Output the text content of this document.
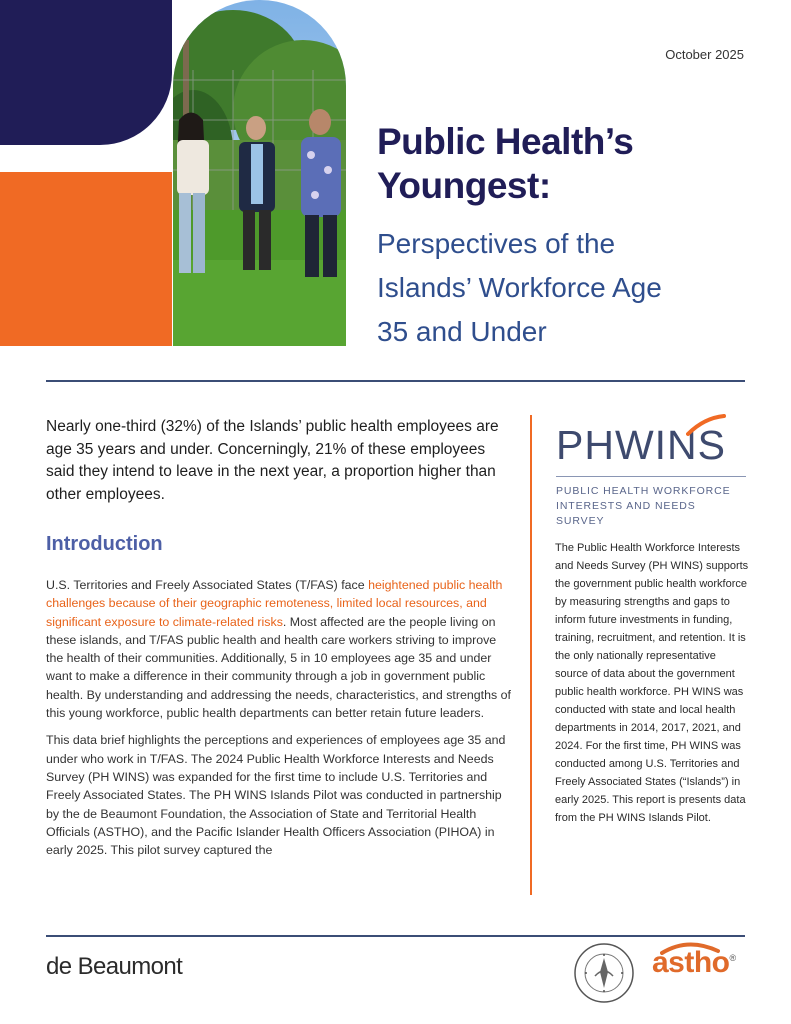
October 2025
Public Health’s
Youngest:
Perspectives of the
Islands’ Workforce Age
35 and Under

Nearly one-third (32%) of the Islands’ public health employees are age 35 years and under. Concerningly, 21% of these employees said they intend to leave in the next year, a proportion higher than other employees.

Introduction

U.S. Territories and Freely Associated States (T/FAS) face heightened public health challenges because of their geographic remoteness, limited local resources, and significant exposure to climate-related risks. Most affected are the people living on these islands, and T/FAS public health and health care workers striving to improve the health of their communities. Additionally, 5 in 10 employees age 35 and under want to make a difference in their community through a job in government public health. By understanding and addressing the needs, characteristics, and strengths of this young workforce, public health departments can better retain future leaders.

This data brief highlights the perceptions and experiences of employees age 35 and under who work in T/FAS. The 2024 Public Health Workforce Interests and Needs Survey (PH WINS) was expanded for the first time to include U.S. Territories and Freely Associated States. The PH WINS Islands Pilot was conducted in partnership by the de Beaumont Foundation, the Association of State and Territorial Health Officials (ASTHO), and the Pacific Islander Health Officers Association (PIHOA) in early 2025. This pilot survey captured the

PHWINS
PUBLIC HEALTH WORKFORCE
INTERESTS AND NEEDS SURVEY

The Public Health Workforce Interests and Needs Survey (PH WINS) supports the government public health workforce by measuring strengths and gaps to inform future investments in funding, training, recruitment, and retention. It is the only nationally representative source of data about the government public health workforce. PH WINS was conducted with state and local health departments in 2014, 2017, 2021, and 2024. For the first time, PH WINS was conducted among U.S. Territories and Freely Associated States (“Islands”) in early 2025. This report is presents data from the PH WINS Islands Pilot.

de Beaumont	astho®
